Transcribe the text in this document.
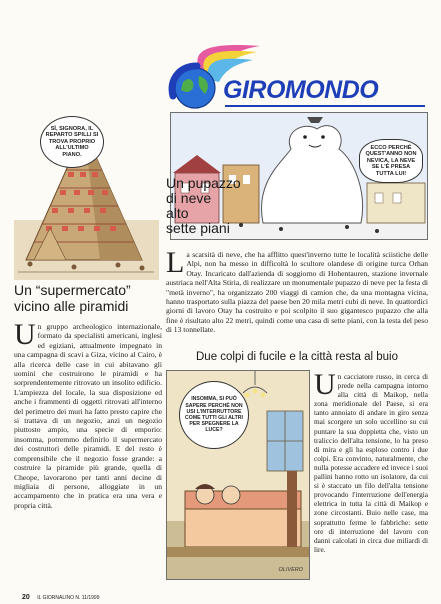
GIROMONDO
SÌ, SIGNORA, IL REPARTO SPILLI SI TROVA PROPRIO ALL'ULTIMO PIANO.
Un “supermercato” vicino alle piramidi

Un gruppo archeologico internazionale, formato da specialisti americani, inglesi ed egiziani, attualmente impegnato in una campagna di scavi a Giza, vicino al Cairo, è alla ricerca delle case in cui abitavano gli uomini che costruirono le piramidi e ha sorprendentemente ritrovato un insolito edificio. L'ampiezza del locale, la sua disposizione ed anche i frammenti di oggetti ritrovati all'interno del perimetro dei muri ha fatto presto capire che si trattava di un negozio, anzi un negozio piuttosto ampio, una specie di emporio: insomma, potremmo definirlo il supermercato dei costruttori delle piramidi. E del resto è comprensibile che il negozio fosse grande: a costruire la piramide più grande, quella di Cheope, lavorarono per tanti anni decine di migliaia di persone, alloggiate in un accampamento che in pratica era una vera e propria città.

ECCO PERCHÉ QUEST'ANNO NON NEVICA, LA NEVE SE L'È PRESA TUTTA LUI!
Un pupazzo
di neve
alto
sette piani

La scarsità di neve, che ha afflitto quest'inverno tutte le località sciistiche delle Alpi, non ha messo in difficoltà lo scultore olandese di origine turca Orhan Otay. Incaricato dall'azienda di soggiorno di Hohentauren, stazione invernale austriaca nell'Alta Stiria, di realizzare un monumentale pupazzo di neve per la festa di "metà inverno", ha organizzato 200 viaggi di camion che, da una montagna vicina, hanno trasportato sulla piazza del paese ben 20 mila metri cubi di neve. In quattordici giorni di lavoro Otay ha costruito e poi scolpito il suo gigantesco pupazzo che alla fine è risultato alto 22 metri, quindi come una casa di sette piani, con la testa del peso di 13 tonnellate.

Due colpi di fucile e la città resta al buio
INSOMMA, SI PUÒ SAPERE PERCHÉ NON USI L'INTERRUTTORE COME TUTTI GLI ALTRI PER SPEGNERE LA LUCE?
OLIVERO

Un cacciatore russo, in cerca di prede nella campagna intorno alla città di Maikop, nella zona meridionale del Paese, si era tanto annoiato di andare in giro senza mai scorgere un solo uccellino su cui puntare la sua doppietta che, visto un traliccio dell'alta tensione, lo ha preso di mira e gli ha esploso contro i due colpi. Era convinto, naturalmente, che nulla potesse accadere ed invece i suoi pallini hanno rotto un isolatore, da cui si è staccato un filo dell'alta tensione provocando l'interruzione dell'energia elettrica in tutta la città di Maikop e zone circostanti. Buio nelle case, ma soprattutto ferme le fabbriche: sette ore di interruzione del lavoro con danni calcolati in circa due miliardi di lire.

20 IL GIORNALINO N. 11/1999
